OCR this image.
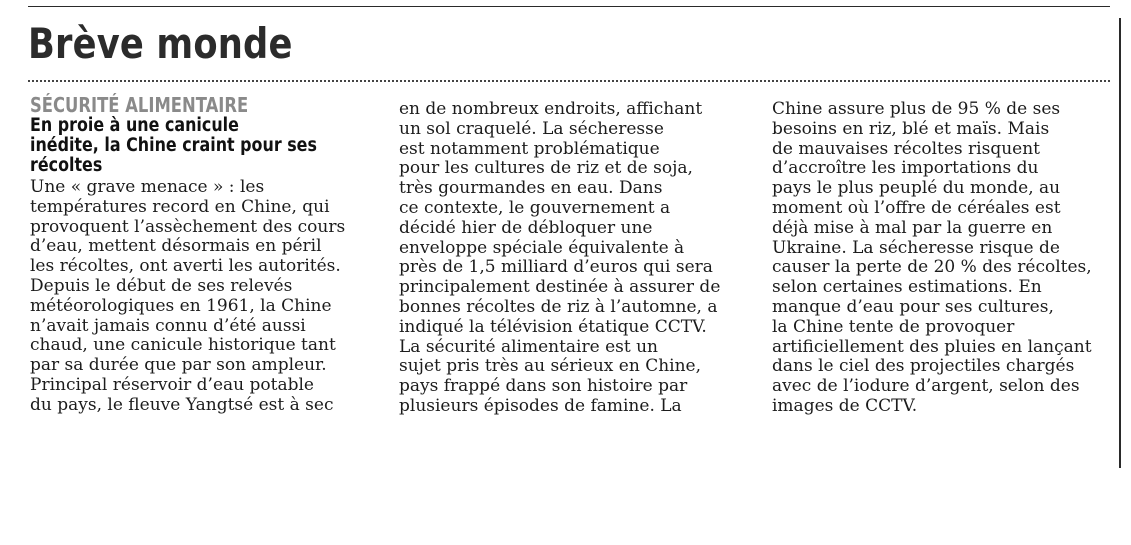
Brève monde
SÉCURITÉ ALIMENTAIRE
En proie à une canicule
inédite, la Chine craint pour ses
récoltes
Une « grave menace » : les
températures record en Chine, qui
provoquent l’assèchement des cours
d’eau, mettent désormais en péril
les récoltes, ont averti les autorités.
Depuis le début de ses relevés
météorologiques en 1961, la Chine
n’avait jamais connu d’été aussi
chaud, une canicule historique tant
par sa durée que par son ampleur.
Principal réservoir d’eau potable
du pays, le fleuve Yangtsé est à sec
en de nombreux endroits, affichant
un sol craquelé. La sécheresse
est notamment problématique
pour les cultures de riz et de soja,
très gourmandes en eau. Dans
ce contexte, le gouvernement a
décidé hier de débloquer une
enveloppe spéciale équivalente à
près de 1,5 milliard d’euros qui sera
principalement destinée à assurer de
bonnes récoltes de riz à l’automne, a
indiqué la télévision étatique CCTV.
La sécurité alimentaire est un
sujet pris très au sérieux en Chine,
pays frappé dans son histoire par
plusieurs épisodes de famine. La
Chine assure plus de 95 % de ses
besoins en riz, blé et maïs. Mais
de mauvaises récoltes risquent
d’accroître les importations du
pays le plus peuplé du monde, au
moment où l’offre de céréales est
déjà mise à mal par la guerre en
Ukraine. La sécheresse risque de
causer la perte de 20 % des récoltes,
selon certaines estimations. En
manque d’eau pour ses cultures,
la Chine tente de provoquer
artificiellement des pluies en lançant
dans le ciel des projectiles chargés
avec de l’iodure d’argent, selon des
images de CCTV.
